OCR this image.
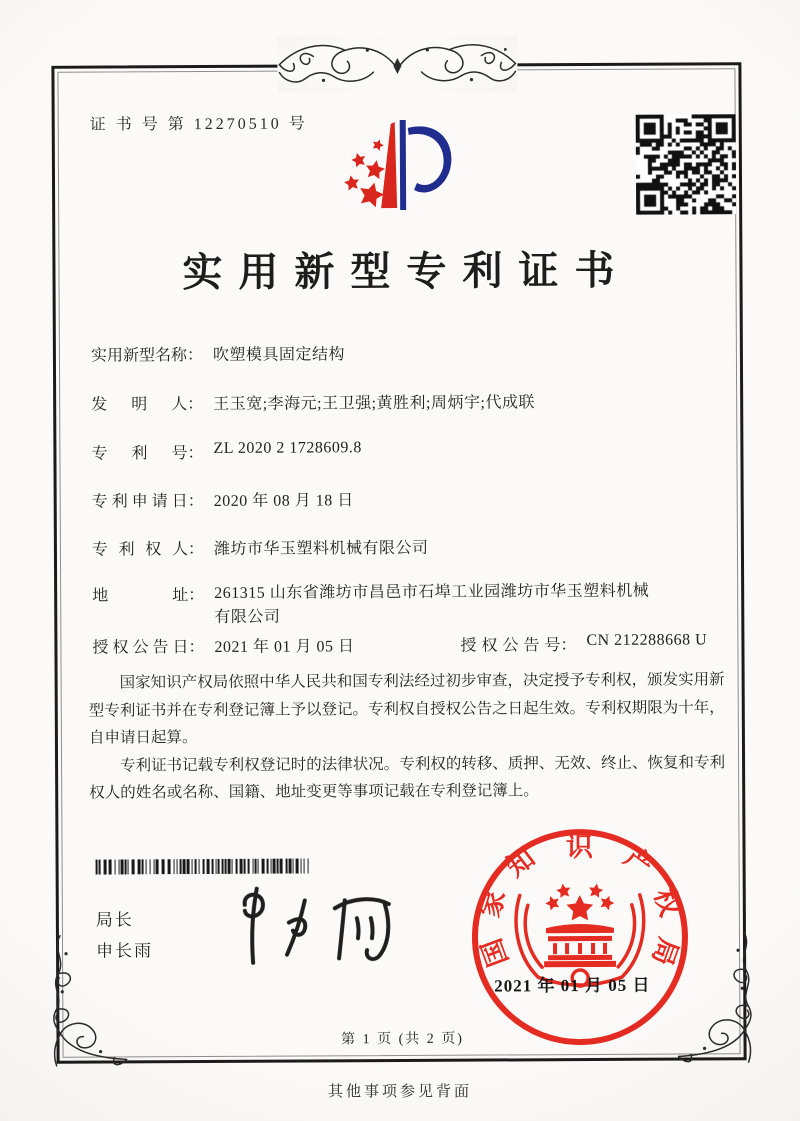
证 书 号 第 12270510 号
实用新型专利证书
实用新型名称： 吹塑模具固定结构
发明人： 王玉宽;李海元;王卫强;黄胜利;周炳宇;代成联
专利号： ZL 2020 2 1728609.8
专利申请日： 2020 年 08 月 18 日
专利权人： 潍坊市华玉塑料机械有限公司
地址： 261315 山东省潍坊市昌邑市石埠工业园潍坊市华玉塑料机械有限公司
授权公告日： 2021 年 01 月 05 日	授权公告号： CN 212288668 U

国家知识产权局依照中华人民共和国专利法经过初步审查，决定授予专利权，颁发实用新型专利证书并在专利登记簿上予以登记。专利权自授权公告之日起生效。专利权期限为十年，自申请日起算。

专利证书记载专利权登记时的法律状况。专利权的转移、质押、无效、终止、恢复和专利权人的姓名或名称、国籍、地址变更等事项记载在专利登记簿上。

局长
申长雨	国
家
知 识 产
权
局
2021 年 01 月 05 日
第 1 页 (共 2 页)
其他事项参见背面
